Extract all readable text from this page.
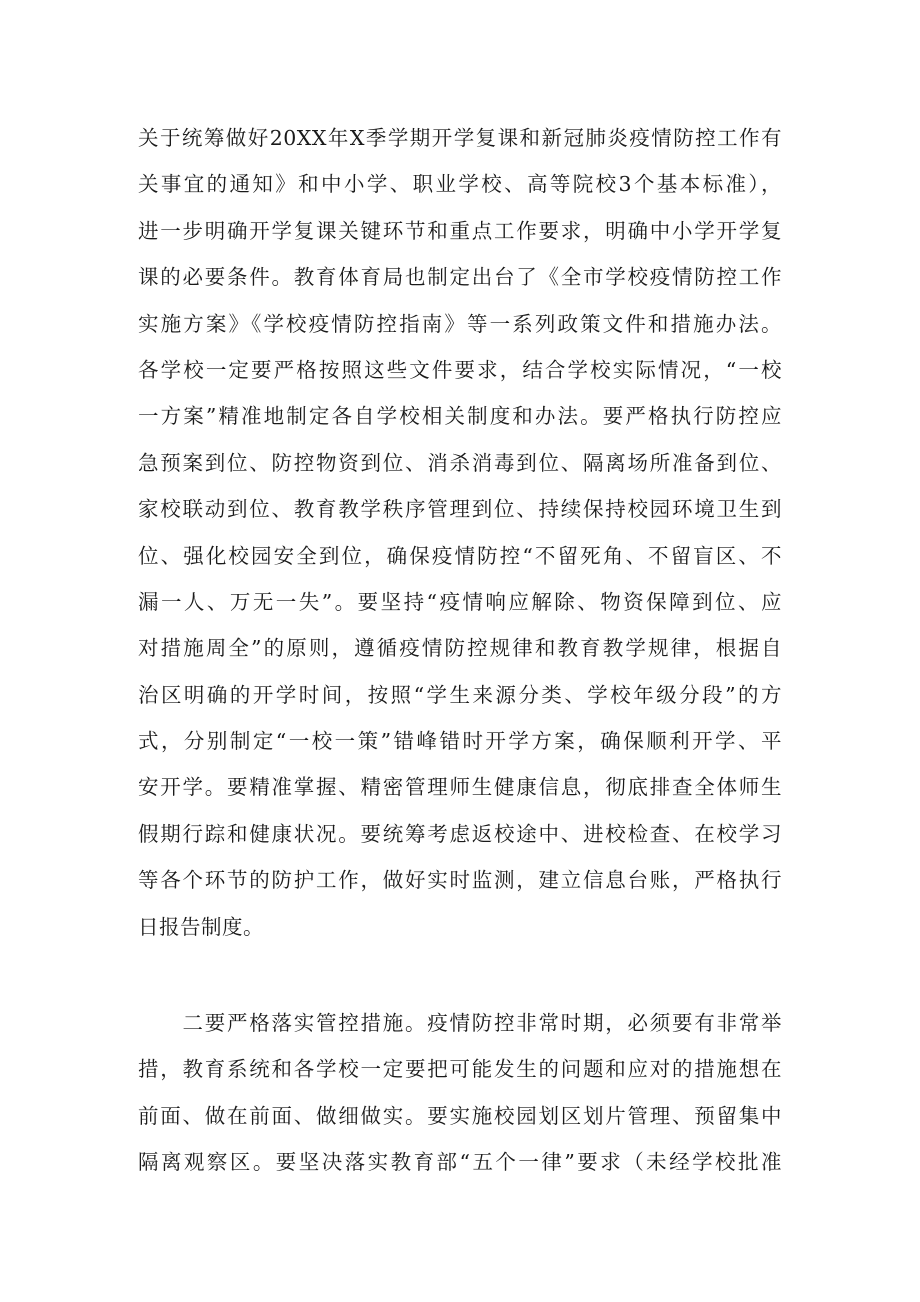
关于统筹做好20XX年X季学期开学复课和新冠肺炎疫情防控工作有
关事宜的通知》和中小学、职业学校、高等院校3个基本标准），
进一步明确开学复课关键环节和重点工作要求，明确中小学开学复
课的必要条件。教育体育局也制定出台了《全市学校疫情防控工作
实施方案》《学校疫情防控指南》等一系列政策文件和措施办法。
各学校一定要严格按照这些文件要求，结合学校实际情况，“一校
一方案”精准地制定各自学校相关制度和办法。要严格执行防控应
急预案到位、防控物资到位、消杀消毒到位、隔离场所准备到位、
家校联动到位、教育教学秩序管理到位、持续保持校园环境卫生到
位、强化校园安全到位，确保疫情防控“不留死角、不留盲区、不
漏一人、万无一失”。要坚持“疫情响应解除、物资保障到位、应
对措施周全”的原则，遵循疫情防控规律和教育教学规律，根据自
治区明确的开学时间，按照“学生来源分类、学校年级分段”的方
式，分别制定“一校一策”错峰错时开学方案，确保顺利开学、平
安开学。要精准掌握、精密管理师生健康信息，彻底排查全体师生
假期行踪和健康状况。要统筹考虑返校途中、进校检查、在校学习
等各个环节的防护工作，做好实时监测，建立信息台账，严格执行
日报告制度。
　　二要严格落实管控措施。疫情防控非常时期，必须要有非常举
措，教育系统和各学校一定要把可能发生的问题和应对的措施想在
前面、做在前面、做细做实。要实施校园划区划片管理、预留集中
隔离观察区。要坚决落实教育部“五个一律”要求（未经学校批准
